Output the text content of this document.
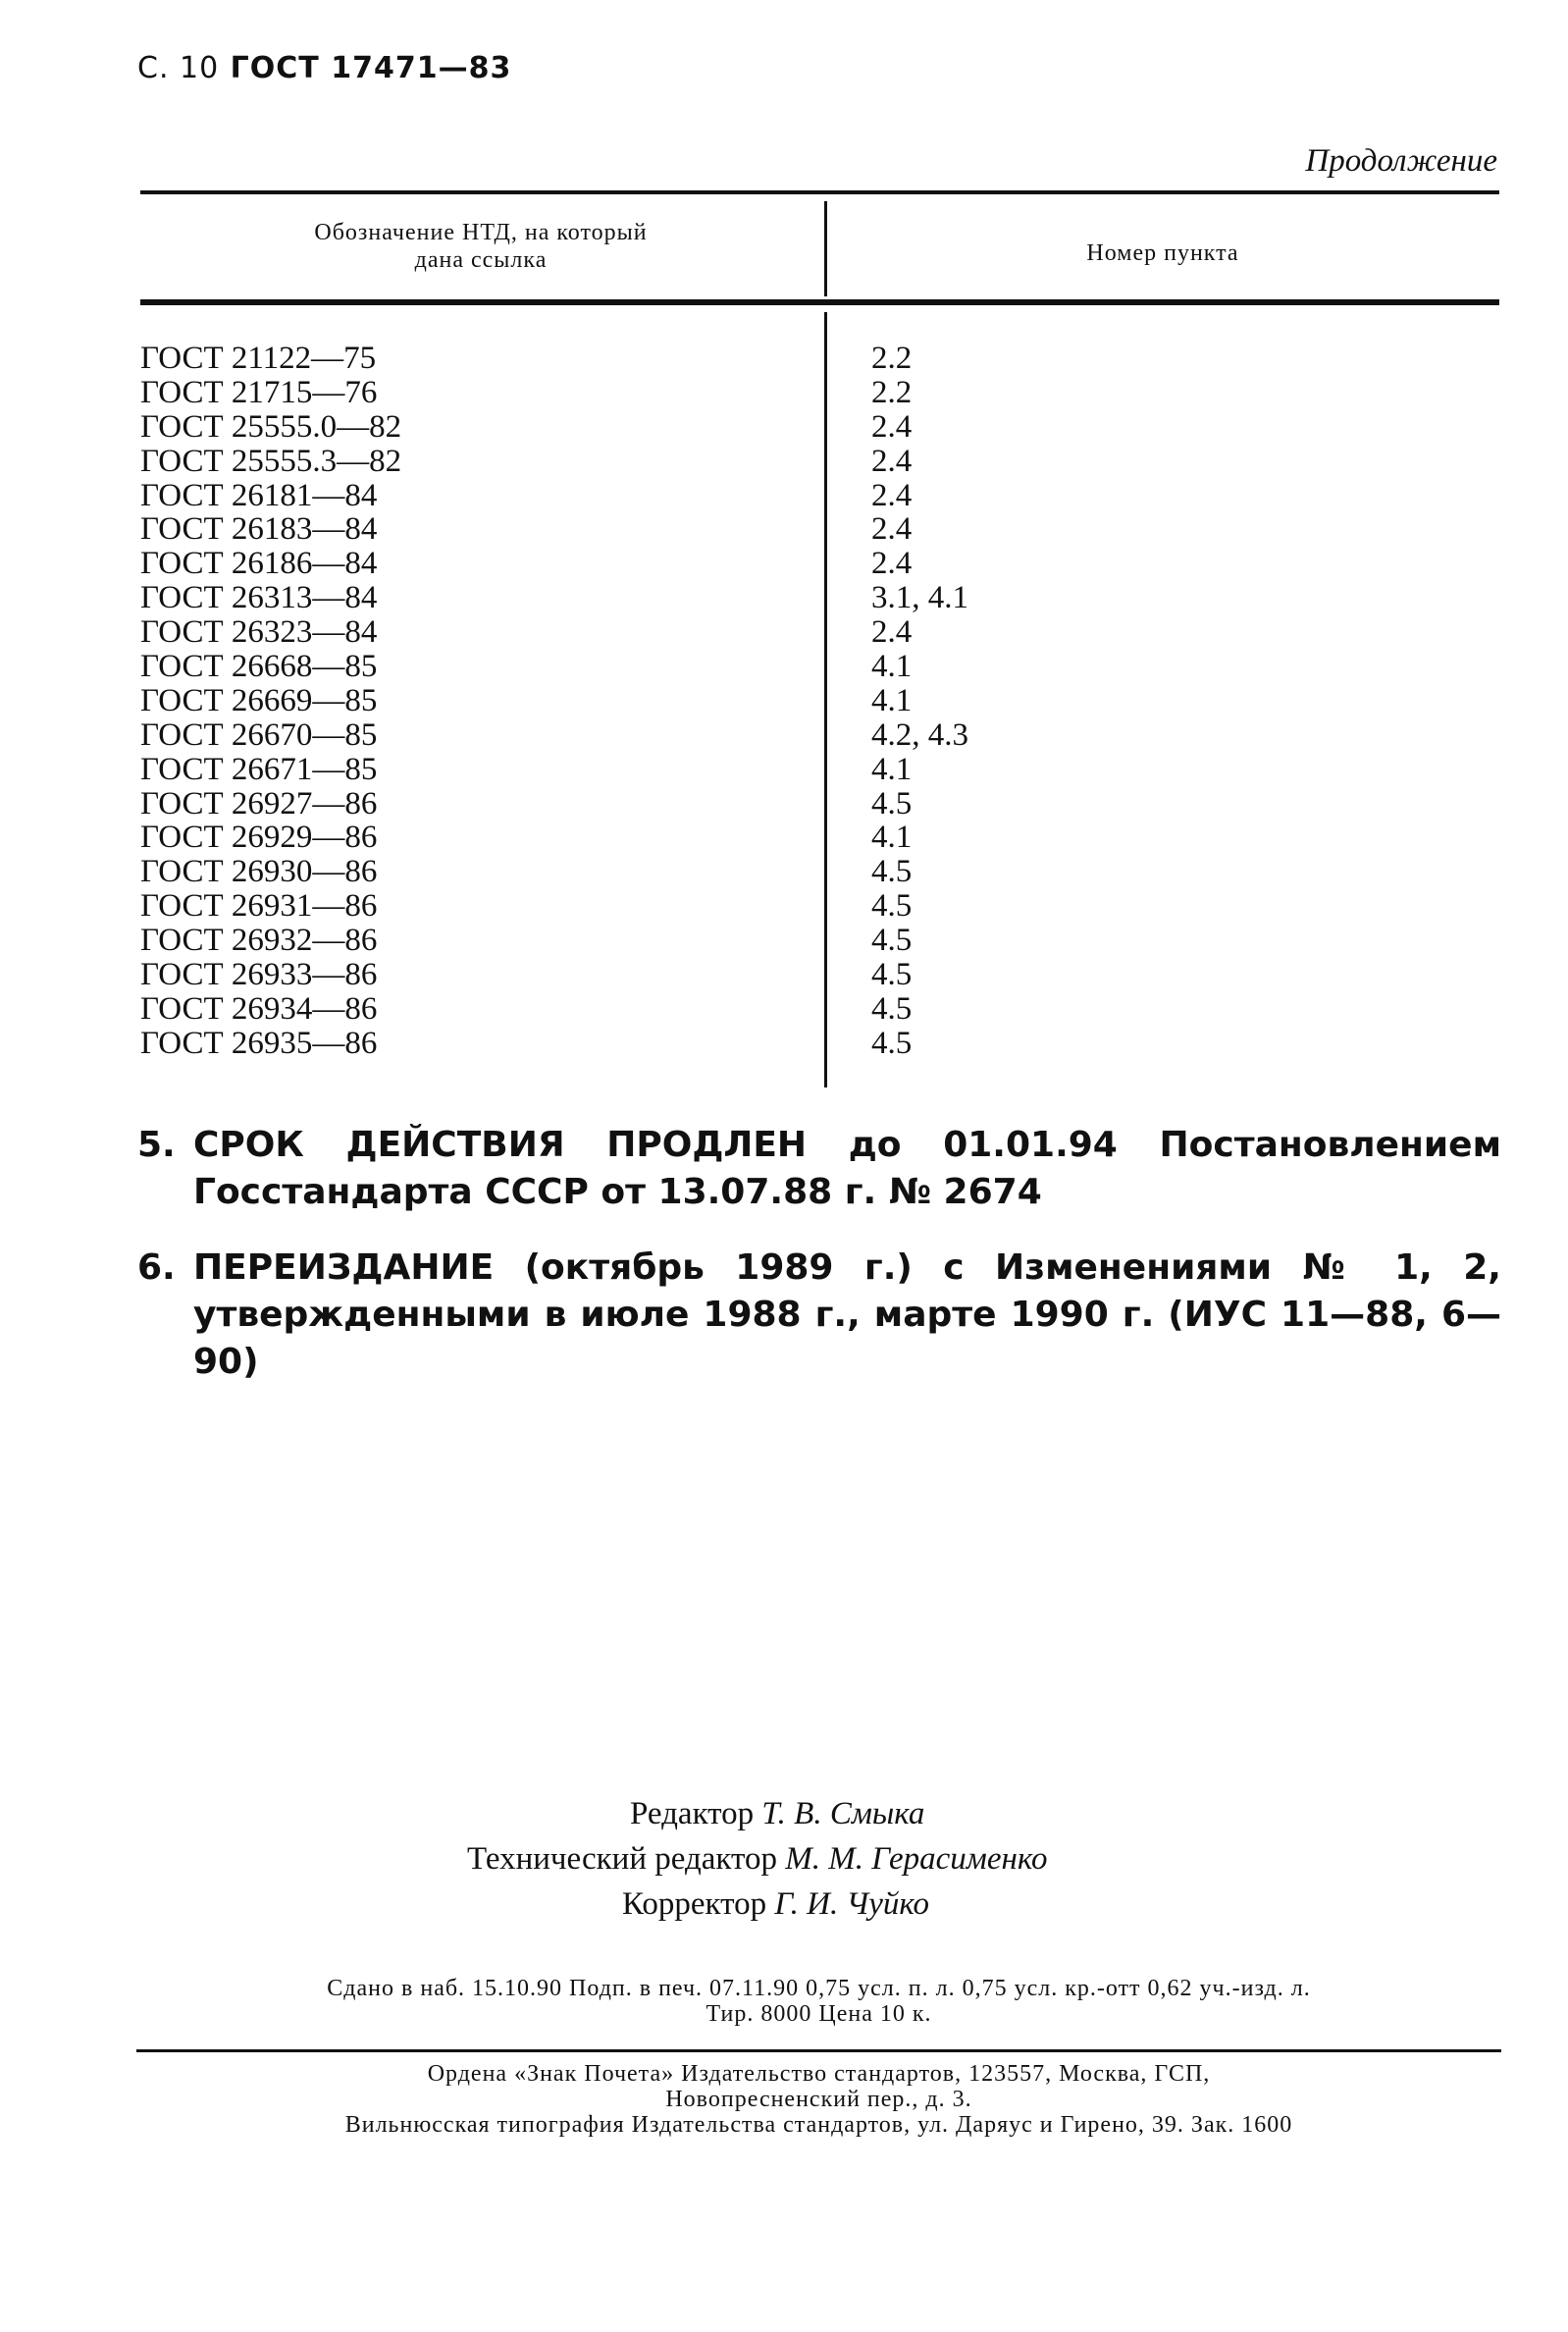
С. 10 ГОСТ 17471—83
Продолжение
Обозначение НТД, на который
дана ссылка	Номер пункта
ГОСТ 21122—75
ГОСТ 21715—76
ГОСТ 25555.0—82
ГОСТ 25555.3—82
ГОСТ 26181—84
ГОСТ 26183—84
ГОСТ 26186—84
ГОСТ 26313—84
ГОСТ 26323—84
ГОСТ 26668—85
ГОСТ 26669—85
ГОСТ 26670—85
ГОСТ 26671—85
ГОСТ 26927—86
ГОСТ 26929—86
ГОСТ 26930—86
ГОСТ 26931—86
ГОСТ 26932—86
ГОСТ 26933—86
ГОСТ 26934—86
ГОСТ 26935—86
2.2
2.2
2.4
2.4
2.4
2.4
2.4
3.1, 4.1
2.4
4.1
4.1
4.2, 4.3
4.1
4.5
4.1
4.5
4.5
4.5
4.5
4.5
4.5
5. СРОК ДЕЙСТВИЯ ПРОДЛЕН до 01.01.94 Постановлением Госстандарта СССР от 13.07.88 г. № 2674
6. ПЕРЕИЗДАНИЕ (октябрь 1989 г.) с Изменениями № 1, 2, утвержденными в июле 1988 г., марте 1990 г. (ИУС 11—88, 6—90)
Редактор Т. В. Смыка
Технический редактор М. М. Герасименко
Корректор Г. И. Чуйко
Сдано в наб. 15.10.90 Подп. в печ. 07.11.90 0,75 усл. п. л. 0,75 усл. кр.-отт 0,62 уч.-изд. л.
Тир. 8000 Цена 10 к.
Ордена «Знак Почета» Издательство стандартов, 123557, Москва, ГСП,
Новопресненский пер., д. 3.
Вильнюсская типография Издательства стандартов, ул. Даряус и Гирено, 39. Зак. 1600
